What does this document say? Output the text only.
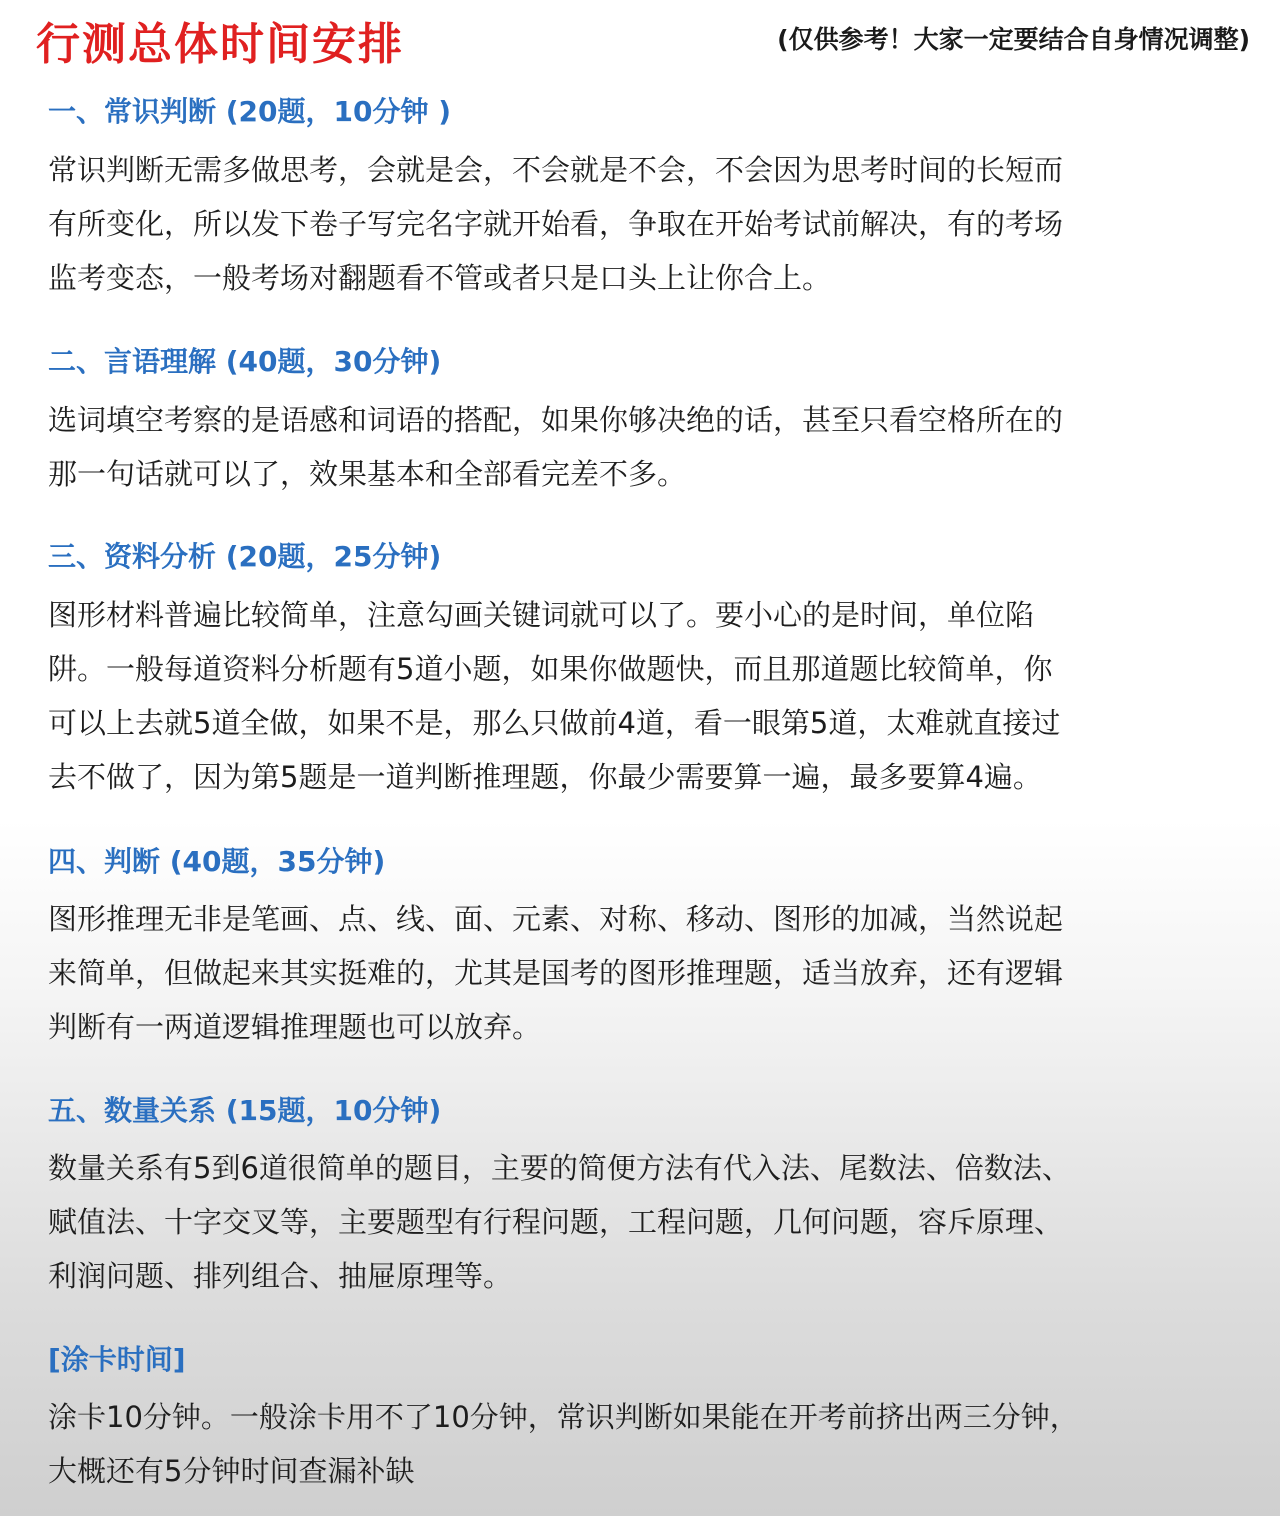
行测总体时间安排	(仅供参考！大家一定要结合自身情况调整)
一、常识判断 (20题，10分钟 )
常识判断无需多做思考，会就是会，不会就是不会，不会因为思考时间的长短而
有所变化，所以发下卷子写完名字就开始看，争取在开始考试前解决，有的考场
监考变态，一般考场对翻题看不管或者只是口头上让你合上。
二、言语理解 (40题，30分钟)
选词填空考察的是语感和词语的搭配，如果你够决绝的话，甚至只看空格所在的
那一句话就可以了，效果基本和全部看完差不多。
三、资料分析 (20题，25分钟)
图形材料普遍比较简单，注意勾画关键词就可以了。要小心的是时间，单位陷
阱。一般每道资料分析题有5道小题，如果你做题快，而且那道题比较简单，你
可以上去就5道全做，如果不是，那么只做前4道，看一眼第5道，太难就直接过
去不做了，因为第5题是一道判断推理题，你最少需要算一遍，最多要算4遍。
四、判断 (40题，35分钟)
图形推理无非是笔画、点、线、面、元素、对称、移动、图形的加减，当然说起
来简单，但做起来其实挺难的，尤其是国考的图形推理题，适当放弃，还有逻辑
判断有一两道逻辑推理题也可以放弃。
五、数量关系 (15题，10分钟)
数量关系有5到6道很简单的题目，主要的简便方法有代入法、尾数法、倍数法、
赋值法、十字交叉等，主要题型有行程问题，工程问题，几何问题，容斥原理、
利润问题、排列组合、抽屉原理等。
[涂卡时间]
涂卡10分钟。一般涂卡用不了10分钟，常识判断如果能在开考前挤出两三分钟，
大概还有5分钟时间查漏补缺
